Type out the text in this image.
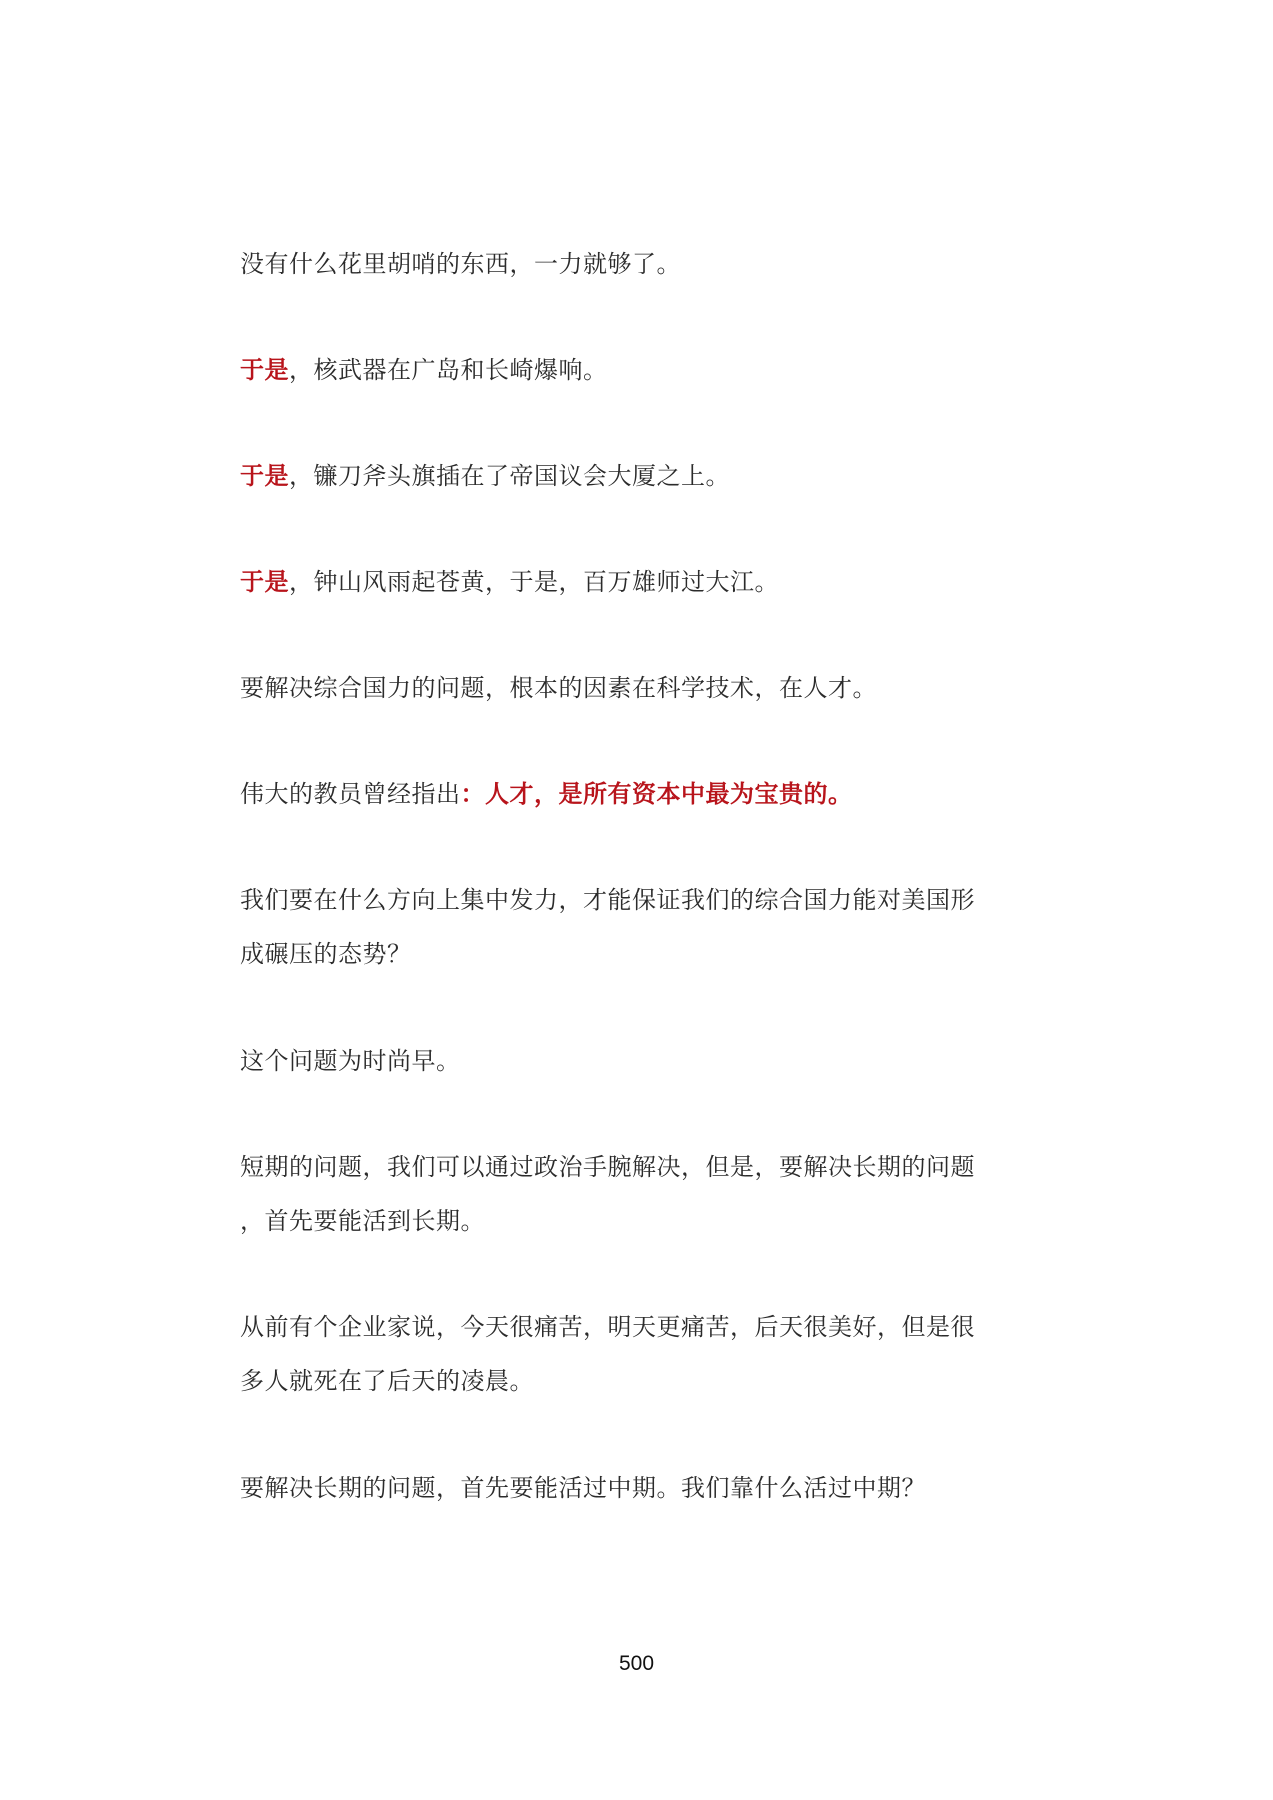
没有什么花里胡哨的东西，一力就够了。
于是，核武器在广岛和长崎爆响。
于是，镰刀斧头旗插在了帝国议会大厦之上。
于是，钟山风雨起苍黄，于是，百万雄师过大江。
要解决综合国力的问题，根本的因素在科学技术，在人才。
伟大的教员曾经指出：人才，是所有资本中最为宝贵的。
我们要在什么方向上集中发力，才能保证我们的综合国力能对美国形
成碾压的态势？
这个问题为时尚早。
短期的问题，我们可以通过政治手腕解决，但是，要解决长期的问题
，首先要能活到长期。
从前有个企业家说，今天很痛苦，明天更痛苦，后天很美好，但是很
多人就死在了后天的凌晨。
要解决长期的问题，首先要能活过中期。我们靠什么活过中期？
500
